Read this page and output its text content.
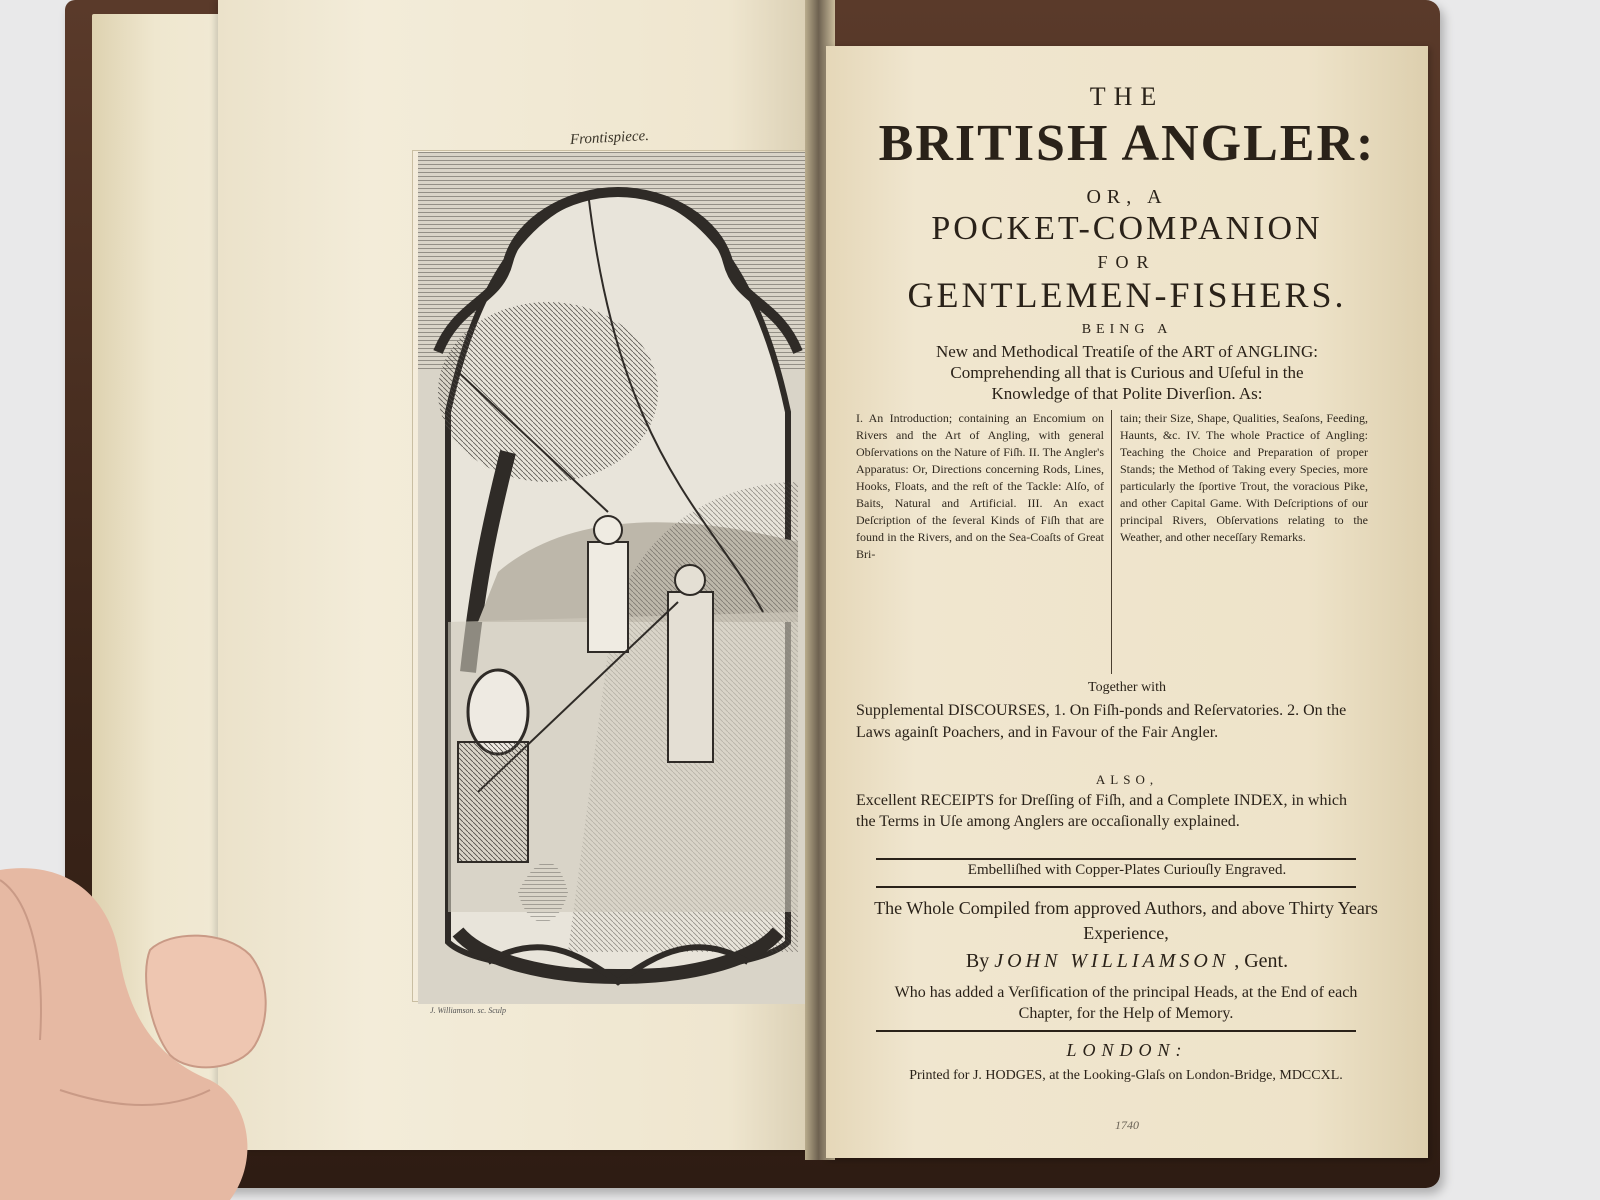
Frontispiece.
J. Williamson. sc. Sculp
THE
BRITISH ANGLER:
OR, A
POCKET-COMPANION
FOR
GENTLEMEN-FISHERS.
BEING A
New and Methodical Treatiſe of the ART of ANGLING:
Comprehending all that is Curious and Uſeful in the
Knowledge of that Polite Diverſion. As:
I. An Introduction; containing an Encomium on Rivers and the Art of Angling, with general Obſervations on the Nature of Fiſh. II. The Angler's Apparatus: Or, Directions concerning Rods, Lines, Hooks, Floats, and the reſt of the Tackle: Alſo, of Baits, Natural and Artificial. III. An exact Deſcription of the ſeveral Kinds of Fiſh that are found in the Rivers, and on the Sea-Coaſts of Great Bri-
tain; their Size, Shape, Qualities, Seaſons, Feeding, Haunts, &c. IV. The whole Practice of Angling: Teaching the Choice and Preparation of proper Stands; the Method of Taking every Species, more particularly the ſportive Trout, the voracious Pike, and other Capital Game. With Deſcriptions of our principal Rivers, Obſervations relating to the Weather, and other neceſſary Remarks.
Together with
Supplemental DISCOURSES, 1. On Fiſh-ponds and Reſervatories. 2. On the Laws againſt Poachers, and in Favour of the Fair Angler.
ALSO,
Excellent RECEIPTS for Dreſſing of Fiſh, and a Complete INDEX, in which the Terms in Uſe among Anglers are occaſionally explained.
Embelliſhed with Copper-Plates Curiouſly Engraved.
The Whole Compiled from approved Authors, and above Thirty Years Experience,
By JOHN WILLIAMSON , Gent.
Who has added a Verſification of the principal Heads, at the End of each Chapter, for the Help of Memory.
LONDON:
Printed for J. HODGES, at the Looking-Glaſs on London-Bridge, MDCCXL.
1740
